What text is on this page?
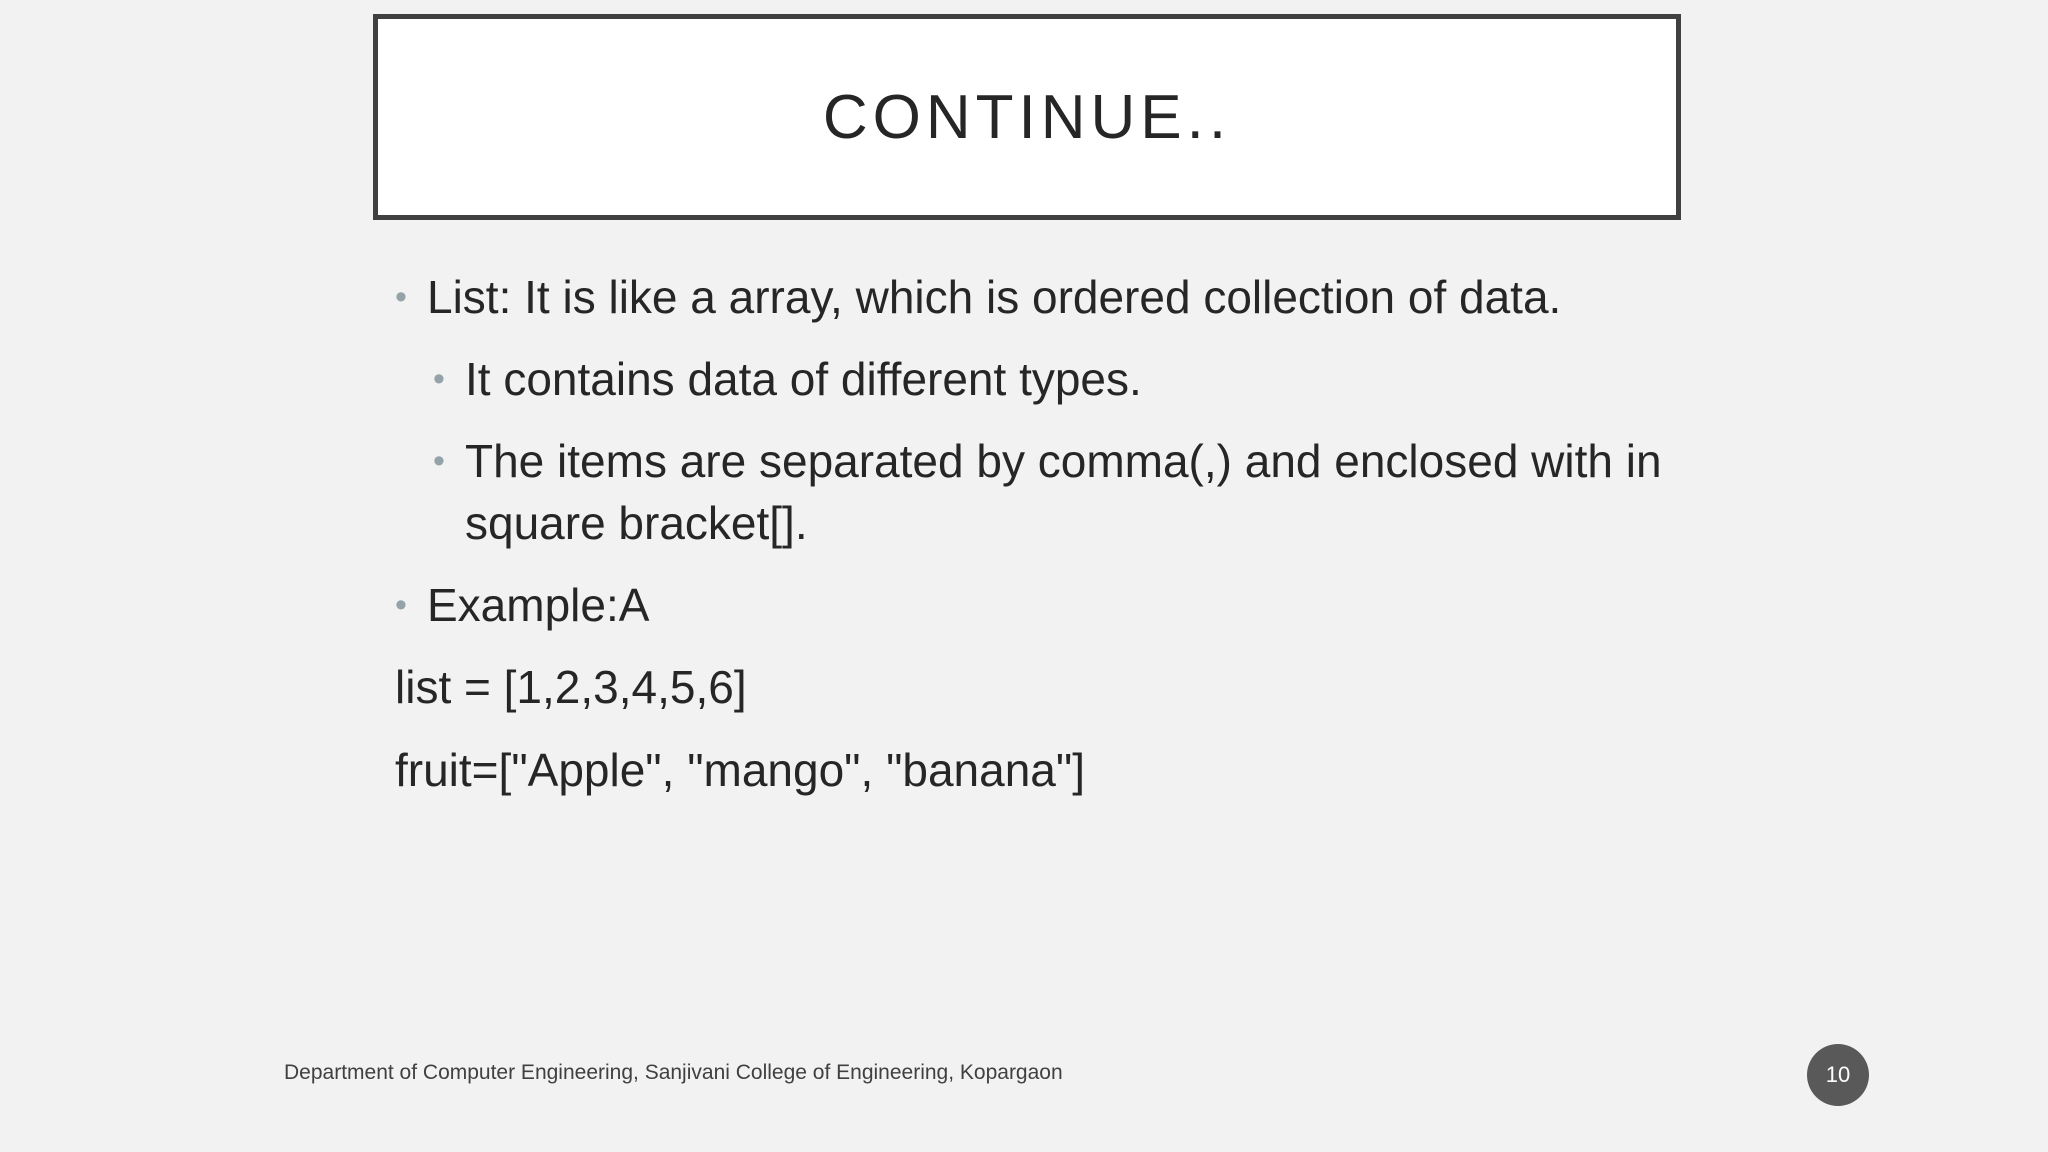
CONTINUE..

• List: It is like a array, which is ordered collection of data.

• It contains data of different types.

• The items are separated by comma(,) and enclosed with in square bracket[].

• Example:A

list = [1,2,3,4,5,6]

fruit=["Apple", "mango", "banana"]

Department of Computer Engineering, Sanjivani College of Engineering, Kopargaon	10
